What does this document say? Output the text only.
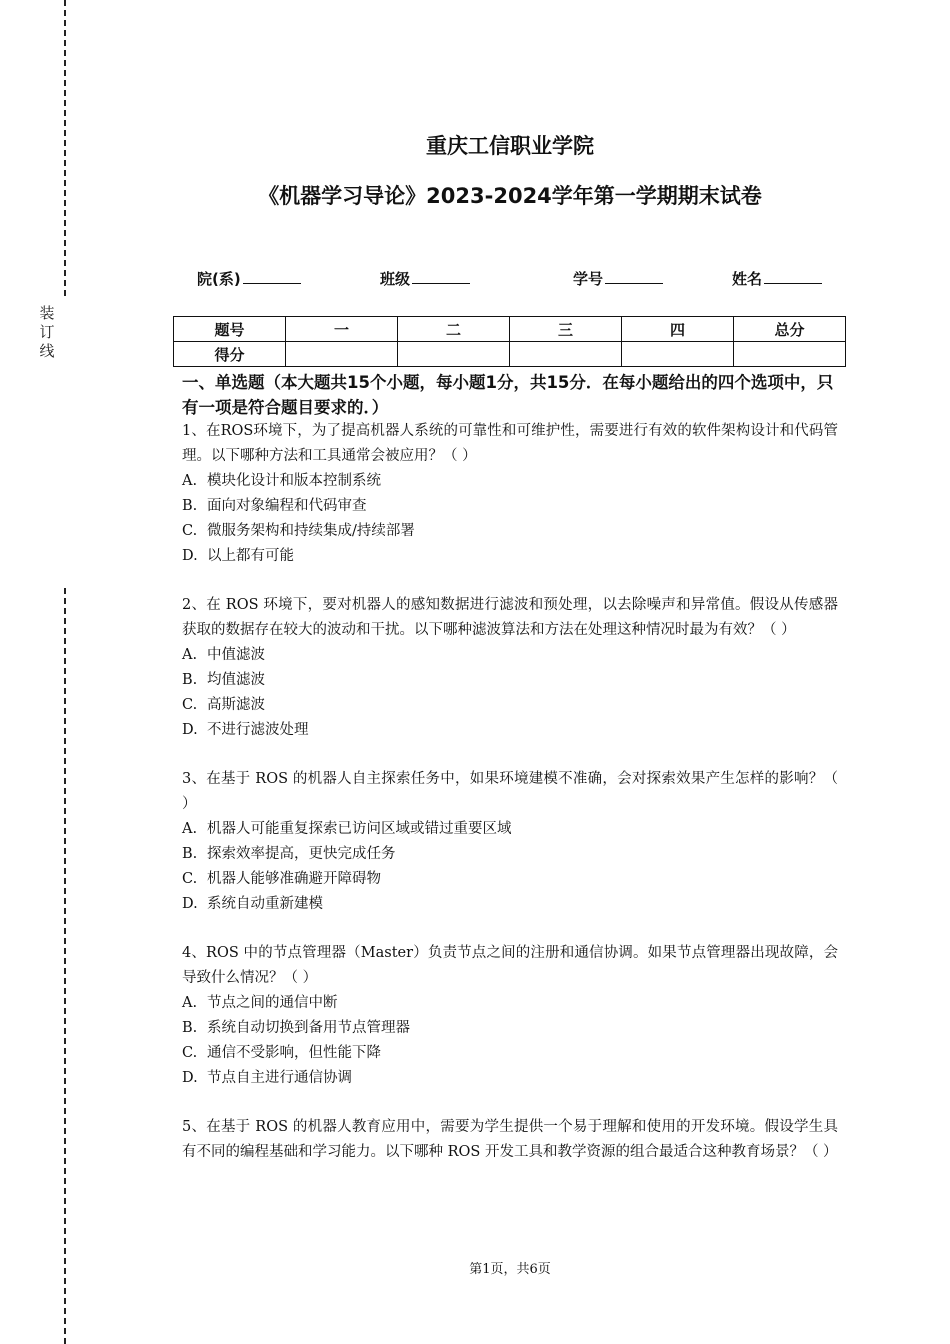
装
订
线
重庆工信职业学院
《机器学习导论》2023-2024学年第一学期期末试卷
院(系)	班级	学号	姓名
题号	一	二	三	四	总分
得分					
一、单选题（本大题共15个小题，每小题1分，共15分．在每小题给出的四个选项中，只有一项是符合题目要求的．）
1、在ROS环境下，为了提高机器人系统的可靠性和可维护性，需要进行有效的软件架构设计和代码管理。以下哪种方法和工具通常会被应用？（ ）
A. 模块化设计和版本控制系统
B. 面向对象编程和代码审查
C. 微服务架构和持续集成/持续部署
D. 以上都有可能
2、在 ROS 环境下，要对机器人的感知数据进行滤波和预处理，以去除噪声和异常值。假设从传感器获取的数据存在较大的波动和干扰。以下哪种滤波算法和方法在处理这种情况时最为有效？（ ）
A. 中值滤波
B. 均值滤波
C. 高斯滤波
D. 不进行滤波处理
3、在基于 ROS 的机器人自主探索任务中，如果环境建模不准确，会对探索效果产生怎样的影响？（ ）
A. 机器人可能重复探索已访问区域或错过重要区域
B. 探索效率提高，更快完成任务
C. 机器人能够准确避开障碍物
D. 系统自动重新建模
4、ROS 中的节点管理器（Master）负责节点之间的注册和通信协调。如果节点管理器出现故障，会导致什么情况？（ ）
A. 节点之间的通信中断
B. 系统自动切换到备用节点管理器
C. 通信不受影响，但性能下降
D. 节点自主进行通信协调
5、在基于 ROS 的机器人教育应用中，需要为学生提供一个易于理解和使用的开发环境。假设学生具有不同的编程基础和学习能力。以下哪种 ROS 开发工具和教学资源的组合最适合这种教育场景？（ ）
第1页，共6页
